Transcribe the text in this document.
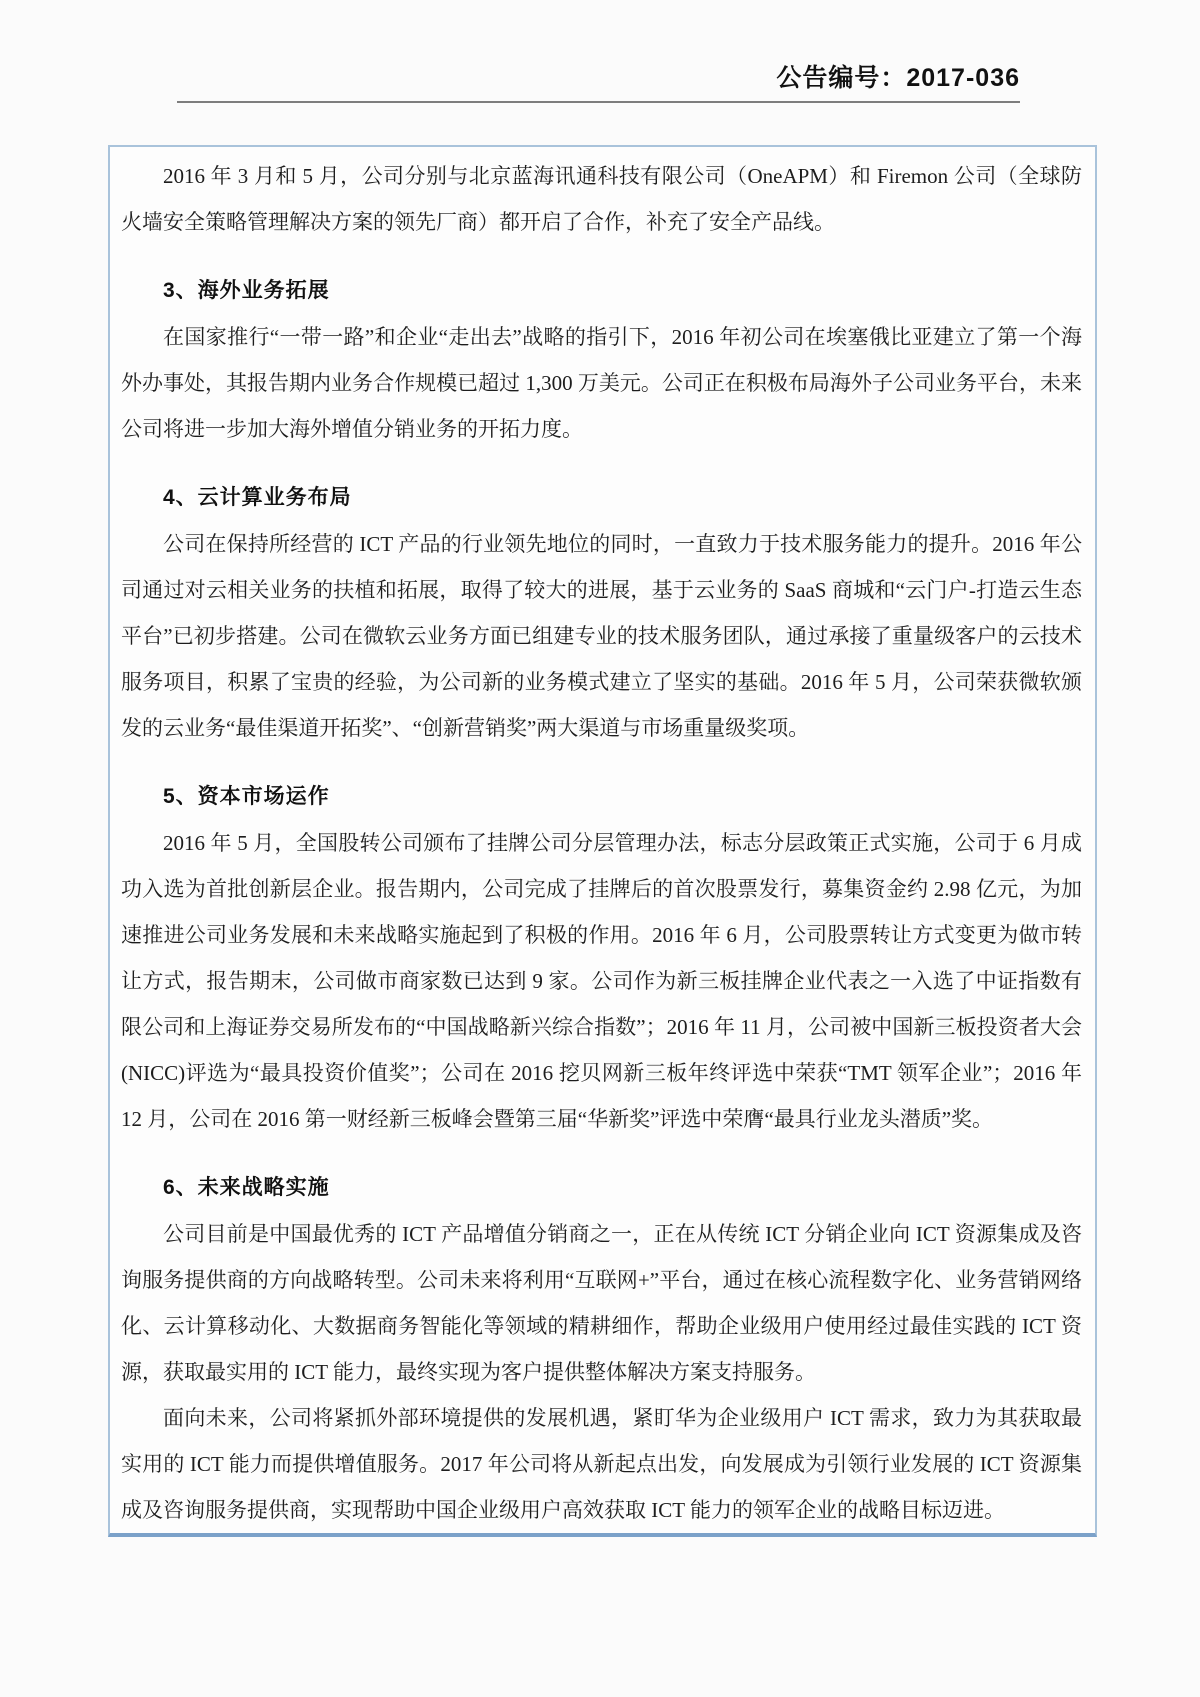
公告编号：2017-036

2016 年 3 月和 5 月，公司分别与北京蓝海讯通科技有限公司（OneAPM）和 Firemon 公司（全球防火墙安全策略管理解决方案的领先厂商）都开启了合作，补充了安全产品线。

3、海外业务拓展

在国家推行“一带一路”和企业“走出去”战略的指引下，2016 年初公司在埃塞俄比亚建立了第一个海外办事处，其报告期内业务合作规模已超过 1,300 万美元。公司正在积极布局海外子公司业务平台，未来公司将进一步加大海外增值分销业务的开拓力度。

4、云计算业务布局

公司在保持所经营的 ICT 产品的行业领先地位的同时，一直致力于技术服务能力的提升。2016 年公司通过对云相关业务的扶植和拓展，取得了较大的进展，基于云业务的 SaaS 商城和“云门户-打造云生态平台”已初步搭建。公司在微软云业务方面已组建专业的技术服务团队，通过承接了重量级客户的云技术服务项目，积累了宝贵的经验，为公司新的业务模式建立了坚实的基础。2016 年 5 月，公司荣获微软颁发的云业务“最佳渠道开拓奖”、“创新营销奖”两大渠道与市场重量级奖项。

5、资本市场运作

2016 年 5 月，全国股转公司颁布了挂牌公司分层管理办法，标志分层政策正式实施，公司于 6 月成功入选为首批创新层企业。报告期内，公司完成了挂牌后的首次股票发行，募集资金约 2.98 亿元，为加速推进公司业务发展和未来战略实施起到了积极的作用。2016 年 6 月，公司股票转让方式变更为做市转让方式，报告期末，公司做市商家数已达到 9 家。公司作为新三板挂牌企业代表之一入选了中证指数有限公司和上海证券交易所发布的“中国战略新兴综合指数”；2016 年 11 月，公司被中国新三板投资者大会(NICC)评选为“最具投资价值奖”；公司在 2016 挖贝网新三板年终评选中荣获“TMT 领军企业”；2016 年 12 月，公司在 2016 第一财经新三板峰会暨第三届“华新奖”评选中荣膺“最具行业龙头潜质”奖。

6、未来战略实施

公司目前是中国最优秀的 ICT 产品增值分销商之一，正在从传统 ICT 分销企业向 ICT 资源集成及咨询服务提供商的方向战略转型。公司未来将利用“互联网+”平台，通过在核心流程数字化、业务营销网络化、云计算移动化、大数据商务智能化等领域的精耕细作，帮助企业级用户使用经过最佳实践的 ICT 资源，获取最实用的 ICT 能力，最终实现为客户提供整体解决方案支持服务。

面向未来，公司将紧抓外部环境提供的发展机遇，紧盯华为企业级用户 ICT 需求，致力为其获取最实用的 ICT 能力而提供增值服务。2017 年公司将从新起点出发，向发展成为引领行业发展的 ICT 资源集成及咨询服务提供商，实现帮助中国企业级用户高效获取 ICT 能力的领军企业的战略目标迈进。
